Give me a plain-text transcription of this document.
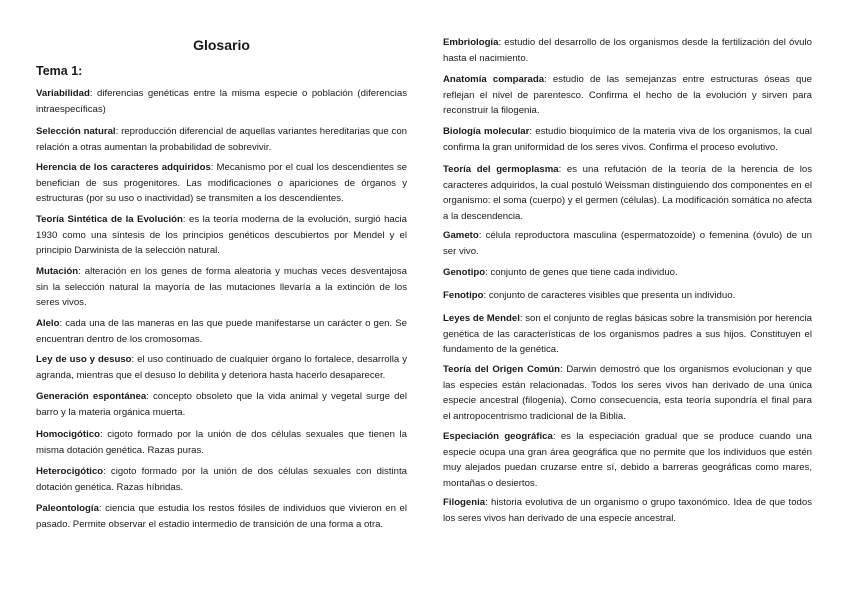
Glosario
Tema 1:

Variabilidad: diferencias genéticas entre la misma especie o población (diferencias intraespecíficas)

Selección natural: reproducción diferencial de aquellas variantes hereditarias que con relación a otras aumentan la probabilidad de sobrevivir.

Herencia de los caracteres adquiridos: Mecanismo por el cual los descendientes se benefician de sus progenitores. Las modificaciones o apariciones de órganos y estructuras (por su uso o inactividad) se transmiten a los descendientes.

Teoría Sintética de la Evolución: es la teoría moderna de la evolución, surgió hacia 1930 como una síntesis de los principios genéticos descubiertos por Mendel y el principio Darwinista de la selección natural.

Mutación: alteración en los genes de forma aleatoria y muchas veces desventajosa sin la selección natural la mayoría de las mutaciones llevaría a la extinción de los seres vivos.

Alelo: cada una de las maneras en las que puede manifestarse un carácter o gen. Se encuentran dentro de los cromosomas.

Ley de uso y desuso: el uso continuado de cualquier órgano lo fortalece, desarrolla y agranda, mientras que el desuso lo debilita y deteriora hasta hacerlo desaparecer.

Generación espontánea: concepto obsoleto que la vida animal y vegetal surge del barro y la materia orgánica muerta.

Homocigótico: cigoto formado por la unión de dos células sexuales que tienen la misma dotación genética. Razas puras.

Heterocigótico: cigoto formado por la unión de dos células sexuales con distinta dotación genética. Razas híbridas.

Paleontología: ciencia que estudia los restos fósiles de individuos que vivieron en el pasado. Permite observar el estadio intermedio de transición de una forma a otra.

Embriología: estudio del desarrollo de los organismos desde la fertilización del óvulo hasta el nacimiento.

Anatomía comparada: estudio de las semejanzas entre estructuras óseas que reflejan el nivel de parentesco. Confirma el hecho de la evolución y sirven para reconstruir la filogenia.

Biología molecular: estudio bioquímico de la materia viva de los organismos, la cual confirma la gran uniformidad de los seres vivos. Confirma el proceso evolutivo.

Teoría del germoplasma: es una refutación de la teoría de la herencia de los caracteres adquiridos, la cual postuló Weissman distinguiendo dos componentes en el organismo: el soma (cuerpo) y el germen (células). La modificación somática no afecta a la descendencia.

Gameto: célula reproductora masculina (espermatozoide) o femenina (óvulo) de un ser vivo.

Genotipo: conjunto de genes que tiene cada individuo.

Fenotipo: conjunto de caracteres visibles que presenta un individuo.

Leyes de Mendel: son el conjunto de reglas básicas sobre la transmisión por herencia genética de las características de los organismos padres a sus hijos. Constituyen el fundamento de la genética.

Teoría del Origen Común: Darwin demostró que los organismos evolucionan y que las especies están relacionadas. Todos los seres vivos han derivado de una única especie ancestral (filogenia). Como consecuencia, esta teoría supondría el final para el antropocentrismo tradicional de la Biblia.

Especiación geográfica: es la especiación gradual que se produce cuando una especie ocupa una gran área geográfica que no permite que los individuos que estén muy alejados puedan cruzarse entre sí, debido a barreras geográficas como mares, montañas o desiertos.

Filogenia: historia evolutiva de un organismo o grupo taxonómico. Idea de que todos los seres vivos han derivado de una especie ancestral.
